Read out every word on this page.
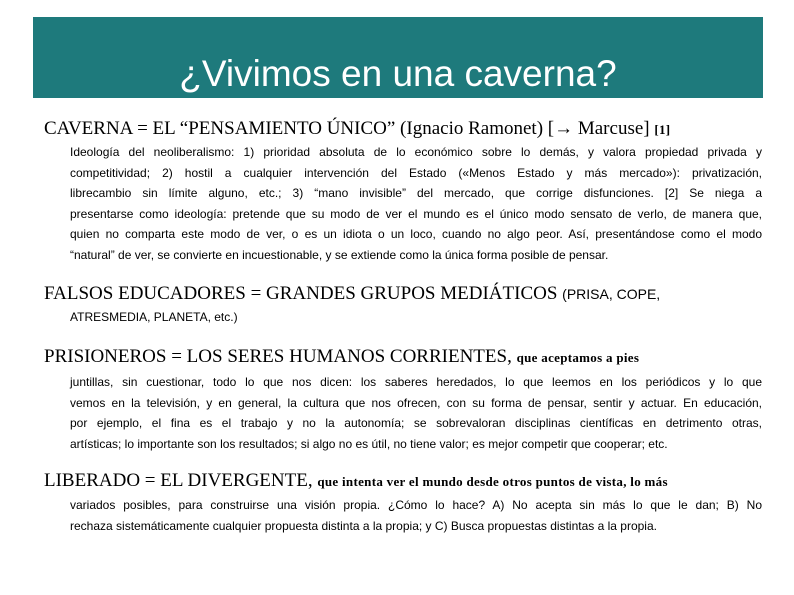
¿Vivimos en una caverna?
CAVERNA = EL “PENSAMIENTO ÚNICO” (Ignacio Ramonet) [→ Marcuse] [1]
Ideología del neoliberalismo: 1) prioridad absoluta de lo económico sobre lo demás, y valora propiedad privada y
competitividad; 2) hostil a cualquier intervención del Estado («Menos Estado y más mercado»): privatización,
librecambio sin límite alguno, etc.; 3) “mano invisible” del mercado, que corrige disfunciones. [2] Se niega a
presentarse como ideología: pretende que su modo de ver el mundo es el único modo sensato de verlo, de manera que,
quien no comparta este modo de ver, o es un idiota o un loco, cuando no algo peor. Así, presentándose como el modo
“natural” de ver, se convierte en incuestionable, y se extiende como la única forma posible de pensar.
FALSOS EDUCADORES = GRANDES GRUPOS MEDIÁTICOS (PRISA, COPE,
ATRESMEDIA, PLANETA, etc.)
PRISIONEROS = LOS SERES HUMANOS CORRIENTES, que aceptamos a pies
juntillas, sin cuestionar, todo lo que nos dicen: los saberes heredados, lo que leemos en los periódicos y lo que
vemos en la televisión, y en general, la cultura que nos ofrecen, con su forma de pensar, sentir y actuar. En educación,
por ejemplo, el fina es el trabajo y no la autonomía; se sobrevaloran disciplinas científicas en detrimento otras,
artísticas; lo importante son los resultados; si algo no es útil, no tiene valor; es mejor competir que cooperar; etc.
LIBERADO = EL DIVERGENTE, que intenta ver el mundo desde otros puntos de vista, lo más
variados posibles, para construirse una visión propia. ¿Cómo lo hace? A) No acepta sin más lo que le dan; B) No
rechaza sistemáticamente cualquier propuesta distinta a la propia; y C) Busca propuestas distintas a la propia.
